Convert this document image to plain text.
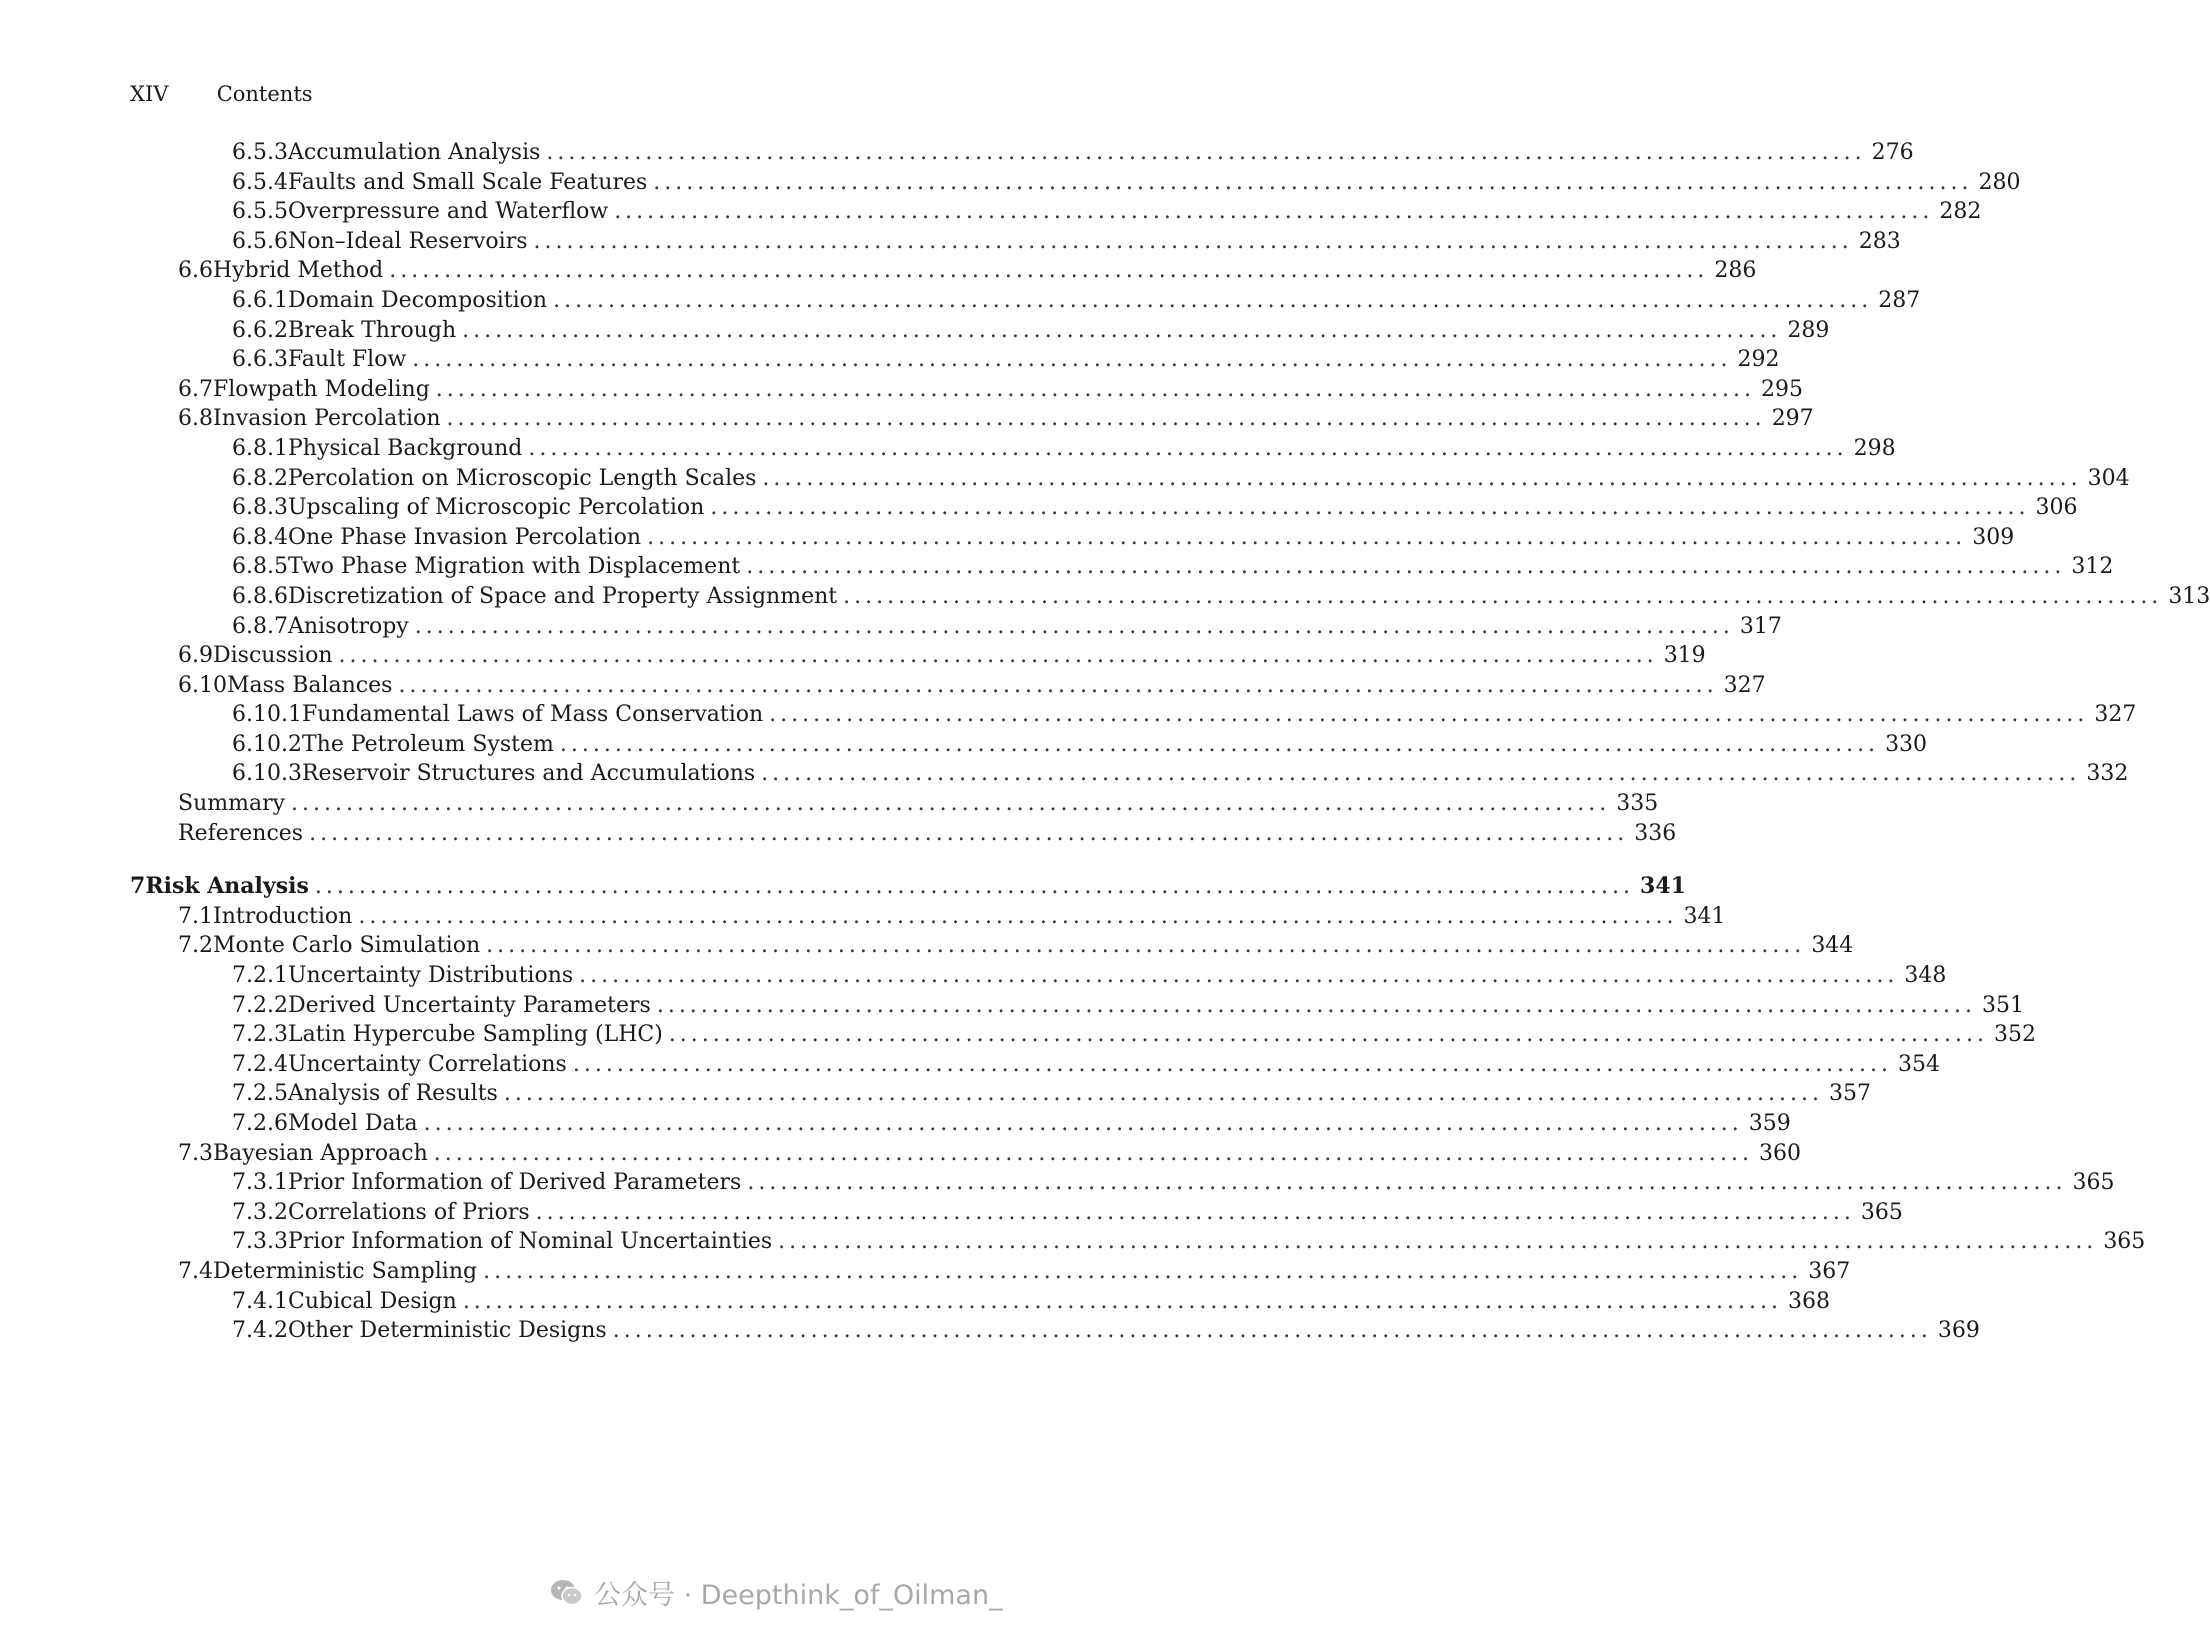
XIV Contents
6.5.3 Accumulation Analysis ........................................................................................................................ 276
6.5.4 Faults and Small Scale Features ........................................................................................................................ 280
6.5.5 Overpressure and Waterflow ........................................................................................................................ 282
6.5.6 Non–Ideal Reservoirs ........................................................................................................................ 283
6.6 Hybrid Method ........................................................................................................................ 286
6.6.1 Domain Decomposition ........................................................................................................................ 287
6.6.2 Break Through ........................................................................................................................ 289
6.6.3 Fault Flow ........................................................................................................................ 292
6.7 Flowpath Modeling ........................................................................................................................ 295
6.8 Invasion Percolation ........................................................................................................................ 297
6.8.1 Physical Background ........................................................................................................................ 298
6.8.2 Percolation on Microscopic Length Scales ........................................................................................................................ 304
6.8.3 Upscaling of Microscopic Percolation ........................................................................................................................ 306
6.8.4 One Phase Invasion Percolation ........................................................................................................................ 309
6.8.5 Two Phase Migration with Displacement ........................................................................................................................ 312
6.8.6 Discretization of Space and Property Assignment ........................................................................................................................ 313
6.8.7 Anisotropy ........................................................................................................................ 317
6.9 Discussion ........................................................................................................................ 319
6.10 Mass Balances ........................................................................................................................ 327
6.10.1 Fundamental Laws of Mass Conservation ........................................................................................................................ 327
6.10.2 The Petroleum System ........................................................................................................................ 330
6.10.3 Reservoir Structures and Accumulations ........................................................................................................................ 332
Summary ........................................................................................................................ 335
References ........................................................................................................................ 336
7 Risk Analysis ........................................................................................................................ 341
7.1 Introduction ........................................................................................................................ 341
7.2 Monte Carlo Simulation ........................................................................................................................ 344
7.2.1 Uncertainty Distributions ........................................................................................................................ 348
7.2.2 Derived Uncertainty Parameters ........................................................................................................................ 351
7.2.3 Latin Hypercube Sampling (LHC) ........................................................................................................................ 352
7.2.4 Uncertainty Correlations ........................................................................................................................ 354
7.2.5 Analysis of Results ........................................................................................................................ 357
7.2.6 Model Data ........................................................................................................................ 359
7.3 Bayesian Approach ........................................................................................................................ 360
7.3.1 Prior Information of Derived Parameters ........................................................................................................................ 365
7.3.2 Correlations of Priors ........................................................................................................................ 365
7.3.3 Prior Information of Nominal Uncertainties ........................................................................................................................ 365
7.4 Deterministic Sampling ........................................................................................................................ 367
7.4.1 Cubical Design ........................................................................................................................ 368
7.4.2 Other Deterministic Designs ........................................................................................................................ 369
公众号 · Deepthink_of_Oilman_
